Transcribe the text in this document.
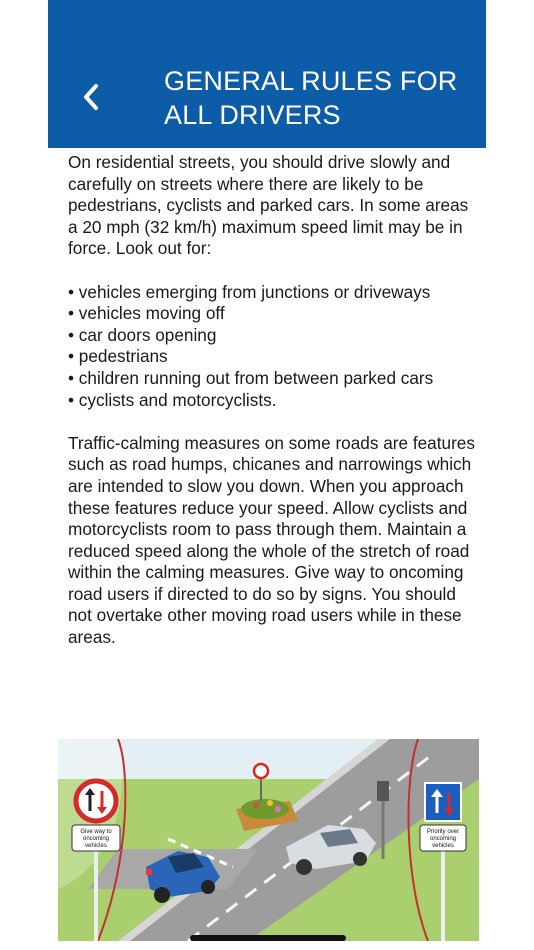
GENERAL RULES FOR
ALL DRIVERS

On residential streets, you should drive slowly and carefully on streets where there are likely to be pedestrians, cyclists and parked cars. In some areas a 20 mph (32 km/h) maximum speed limit may be in force. Look out for:

• vehicles emerging from junctions or driveways

• vehicles moving off

• car doors opening

• pedestrians

• children running out from between parked cars

• cyclists and motorcyclists.

Traffic-calming measures on some roads are features such as road humps, chicanes and narrowings which are intended to slow you down. When you approach these features reduce your speed. Allow cyclists and motorcyclists room to pass through them. Maintain a reduced speed along the whole of the stretch of road within the calming measures. Give way to oncoming road users if directed to do so by signs. You should not overtake other moving road users while in these areas.

Give way to
oncoming
vehicles
Priority over
oncoming
vehicles
